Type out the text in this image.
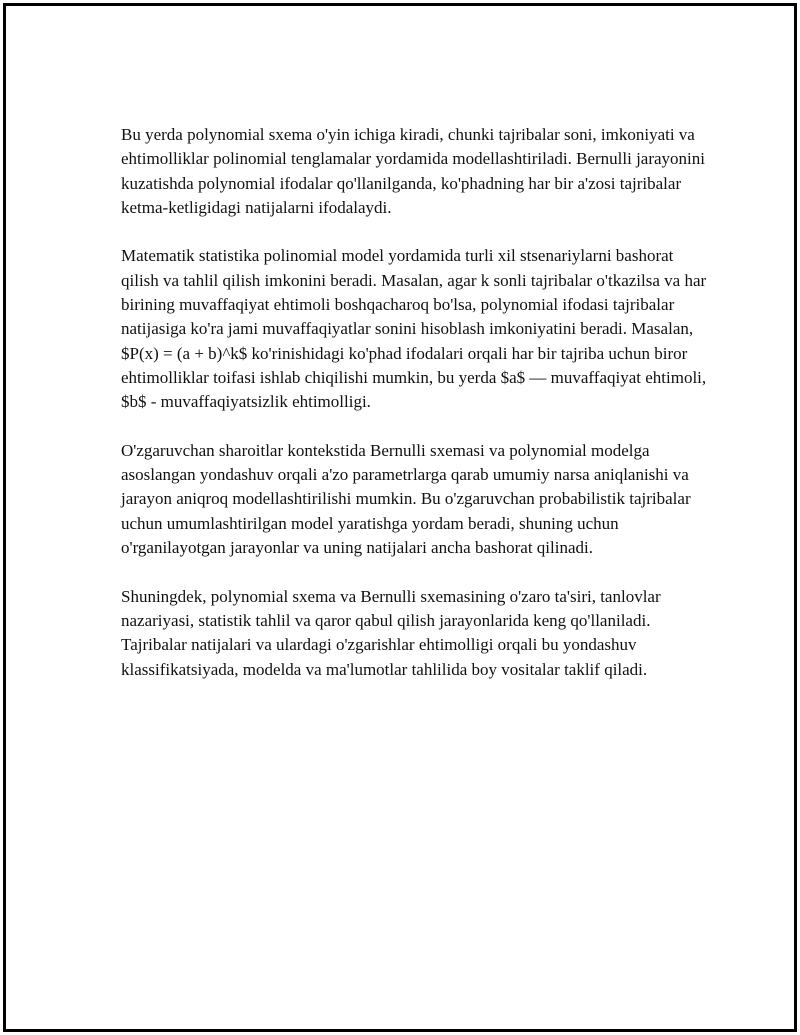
Bu yerda polynomial sxema o'yin ichiga kiradi, chunki tajribalar soni, imkoniyati va ehtimolliklar polinomial tenglamalar yordamida modellashtiriladi. Bernulli jarayonini kuzatishda polynomial ifodalar qo'llanilganda, ko'phadning har bir a'zosi tajribalar ketma-ketligidagi natijalarni ifodalaydi.

Matematik statistika polinomial model yordamida turli xil stsenariylarni bashorat qilish va tahlil qilish imkonini beradi. Masalan, agar k sonli tajribalar o'tkazilsa va har birining muvaffaqiyat ehtimoli boshqacharoq bo'lsa, polynomial ifodasi tajribalar natijasiga ko'ra jami muvaffaqiyatlar sonini hisoblash imkoniyatini beradi. Masalan, $P(x) = (a + b)^k$ ko'rinishidagi ko'phad ifodalari orqali har bir tajriba uchun biror ehtimolliklar toifasi ishlab chiqilishi mumkin, bu yerda $a$ — muvaffaqiyat ehtimoli, $b$ - muvaffaqiyatsizlik ehtimolligi.

O'zgaruvchan sharoitlar kontekstida Bernulli sxemasi va polynomial modelga asoslangan yondashuv orqali a'zo parametrlarga qarab umumiy narsa aniqlanishi va jarayon aniqroq modellashtirilishi mumkin. Bu o'zgaruvchan probabilistik tajribalar uchun umumlashtirilgan model yaratishga yordam beradi, shuning uchun o'rganilayotgan jarayonlar va uning natijalari ancha bashorat qilinadi.

Shuningdek, polynomial sxema va Bernulli sxemasining o'zaro ta'siri, tanlovlar nazariyasi, statistik tahlil va qaror qabul qilish jarayonlarida keng qo'llaniladi. Tajribalar natijalari va ulardagi o'zgarishlar ehtimolligi orqali bu yondashuv klassifikatsiyada, modelda va ma'lumotlar tahlilida boy vositalar taklif qiladi.
